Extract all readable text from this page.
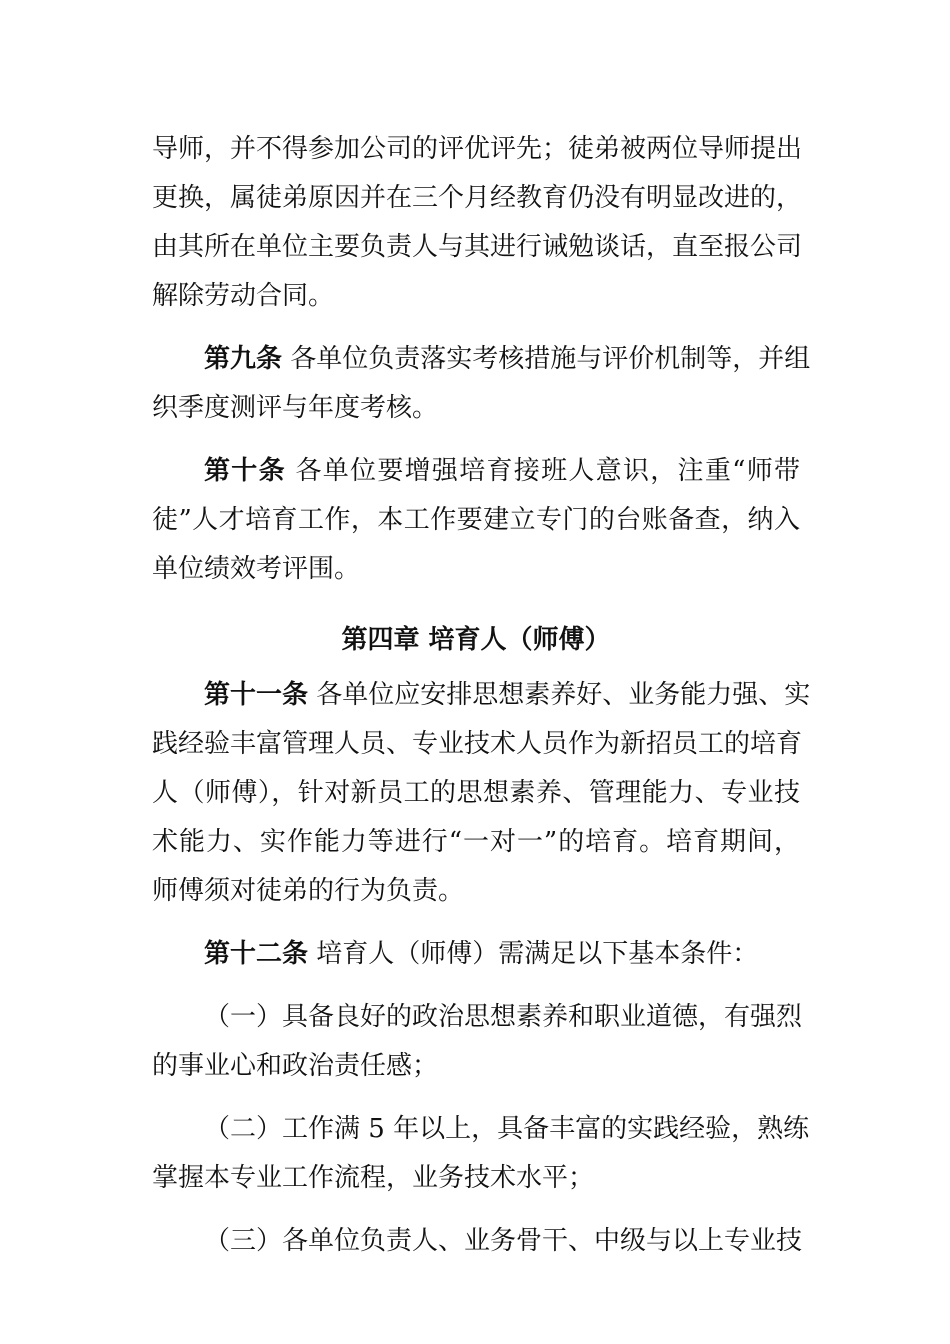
导师，并不得参加公司的评优评先；徒弟被两位导师提出
更换，属徒弟原因并在三个月经教育仍没有明显改进的，
由其所在单位主要负责人与其进行诫勉谈话，直至报公司
解除劳动合同。
第九条 各单位负责落实考核措施与评价机制等，并组
织季度测评与年度考核。
第十条 各单位要增强培育接班人意识，注重“师带
徒”人才培育工作，本工作要建立专门的台账备查，纳入
单位绩效考评围。
第四章 培育人（师傅）
第十一条 各单位应安排思想素养好、业务能力强、实
践经验丰富管理人员、专业技术人员作为新招员工的培育
人（师傅），针对新员工的思想素养、管理能力、专业技
术能力、实作能力等进行“一对一”的培育。培育期间，
师傅须对徒弟的行为负责。
第十二条 培育人（师傅）需满足以下基本条件：
（一）具备良好的政治思想素养和职业道德，有强烈
的事业心和政治责任感；
（二）工作满 5 年以上，具备丰富的实践经验，熟练
掌握本专业工作流程，业务技术水平；
（三）各单位负责人、业务骨干、中级与以上专业技
